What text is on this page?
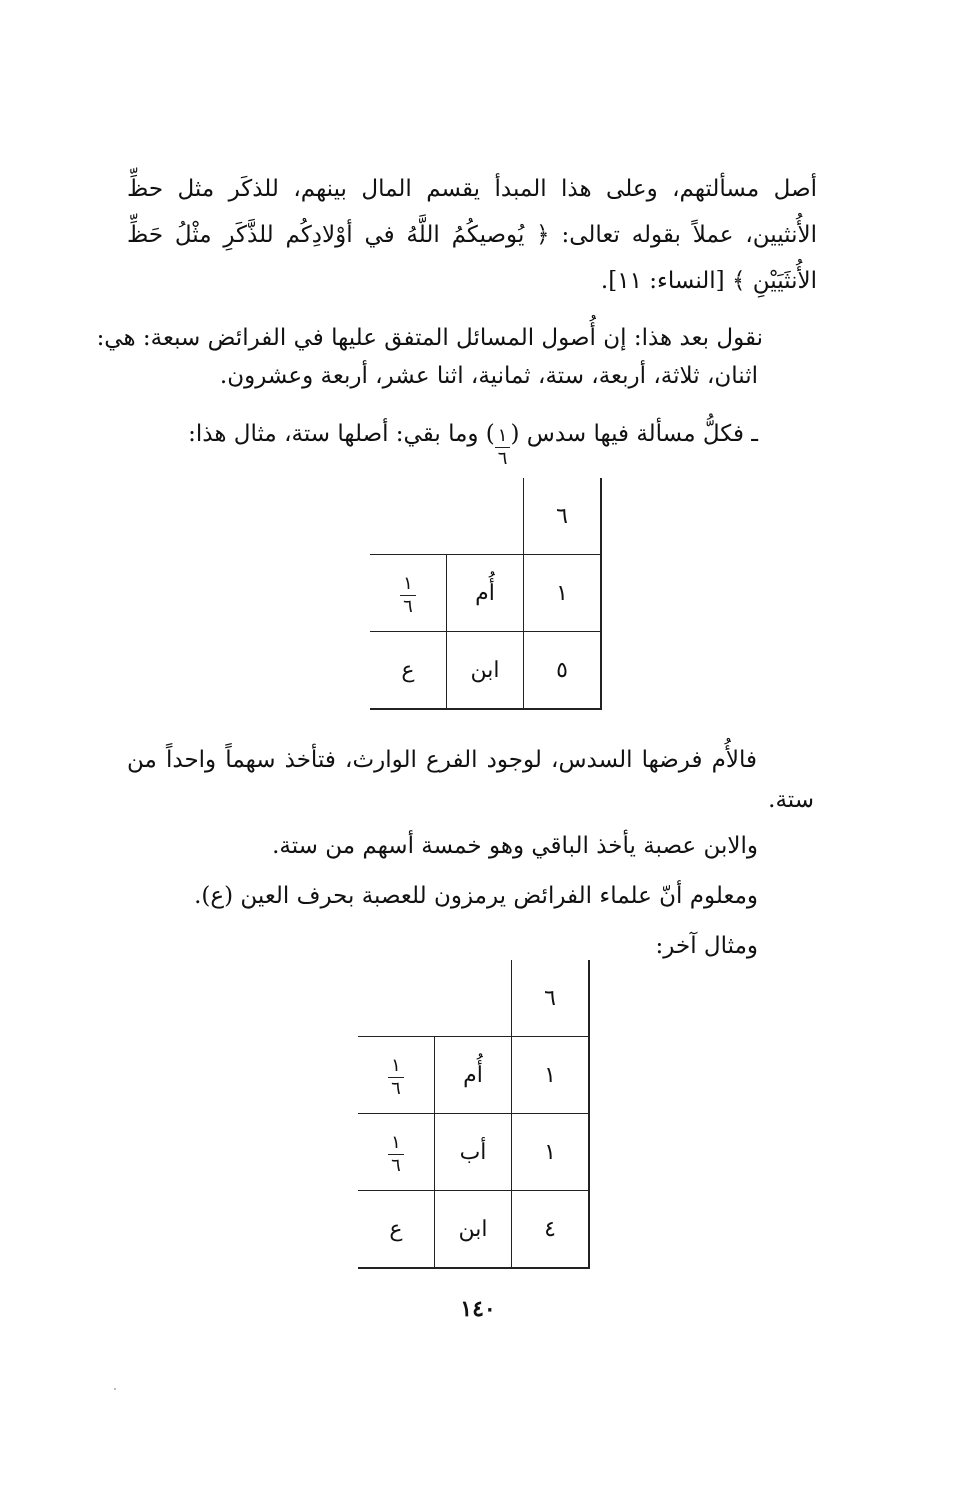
أصل مسألتهم، وعلى هذا المبدأ يقسم المال بينهم، للذكَر مثل حظِّ الأُنثيين، عملاً بقوله تعالى: ﴿ يُوصيكُمُ اللَّهُ في أوْلادِكُم للذَّكَرِ مثْلُ حَظِّ الأُنثَيَيْنِ ﴾ [النساء: ١١].
نقول بعد هذا: إن أُصول المسائل المتفق عليها في الفرائض سبعة: هي:
اثنان، ثلاثة، أربعة، ستة، ثمانية، اثنا عشر، أربعة وعشرون.
ـ فكلُّ مسألة فيها سدس (
$\frac{١}{٦}$
) وما بقي: أصلها ستة، مثال هذا:
٦		
١	أُم	$\frac{١}{٦}$

٥	ابن	ع
فالأُم فرضها السدس، لوجود الفرع الوارث، فتأخذ سهماً واحداً من
ستة.
والابن عصبة يأخذ الباقي وهو خمسة أسهم من ستة.
ومعلوم أنّ علماء الفرائض يرمزون للعصبة بحرف العين (ع).
ومثال آخر:
٦		
١	أُم	$\frac{١}{٦}$

١	أب	$\frac{١}{٦}$

٤	ابن	ع
١٤٠
